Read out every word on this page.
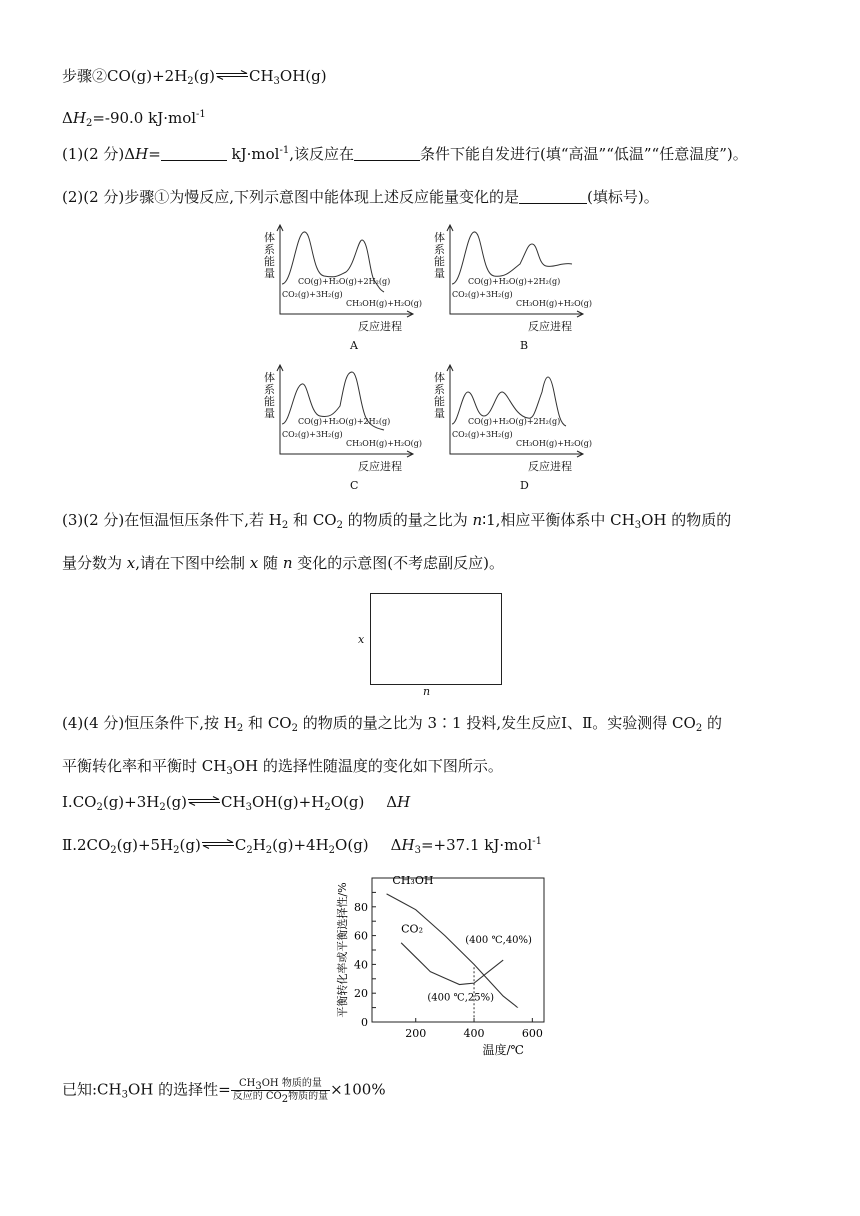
步骤$②CO(g)+2H_2(g)\rightleftharpoons CH_3OH(g)$
$\Delta H_2=-90.0$ kJ·mol$^{-1}$
(1)(2 分)ΔH=	kJ·mol$^{-1}$,该反应在	条件下能自发进行(填“高温”“低温”“任意温度”)。
(2)(2 分)步骤①为慢反应,下列示意图中能体现上述反应能量变化的是	(填标号)。
体系能量
CO(g)+H₂O(g)+2H₂(g)
CO₂(g)+3H₂(g)
CH₃OH(g)+H₂O(g)
反应进程
A
体系能量
CO(g)+H₂O(g)+2H₂(g)
CO₂(g)+3H₂(g)
CH₃OH(g)+H₂O(g)
反应进程
B
体系能量
CO(g)+H₂O(g)+2H₂(g)
CO₂(g)+3H₂(g)
CH₃OH(g)+H₂O(g)
反应进程
C
体系能量
CO(g)+H₂O(g)+2H₂(g)
CO₂(g)+3H₂(g)
CH₃OH(g)+H₂O(g)
反应进程
D
(3)(2 分)在恒温恒压条件下,若 $H_2$ 和 $CO_2$ 的物质的量之比为 n∶1,相应平衡体系中 $CH_3OH$ 的物质的
量分数为 x,请在下图中绘制 x 随 n 变化的示意图(不考虑副反应)。
x
n
(4)(4 分)恒压条件下,按 $H_2$ 和 $CO_2$ 的物质的量之比为 3∶1 投料,发生反应Ⅰ、Ⅱ。实验测得 $CO_2$ 的
平衡转化率和平衡时 $CH_3OH$ 的选择性随温度的变化如下图所示。
$Ⅰ.CO_2(g)+3H_2(g)\rightleftharpoons CH_3OH(g)+H_2O(g)$ ΔH
$Ⅱ.2CO_2(g)+5H_2(g)\rightleftharpoons C_2H_2(g)+4H_2O(g)$ $\Delta H_3=+37.1$ kJ·mol$^{-1}$
0
20
40
60
80
200	400	600
平衡转化率或平衡选择性/%
温度/℃
CH₃OH
CO₂
(400 ℃,40%)
(400 ℃,25%)
已知$:CH_3OH$ 的选择性= $\frac{CH_3OH 物质的量}{反应的 CO_2物质的量} \times 100\%$
